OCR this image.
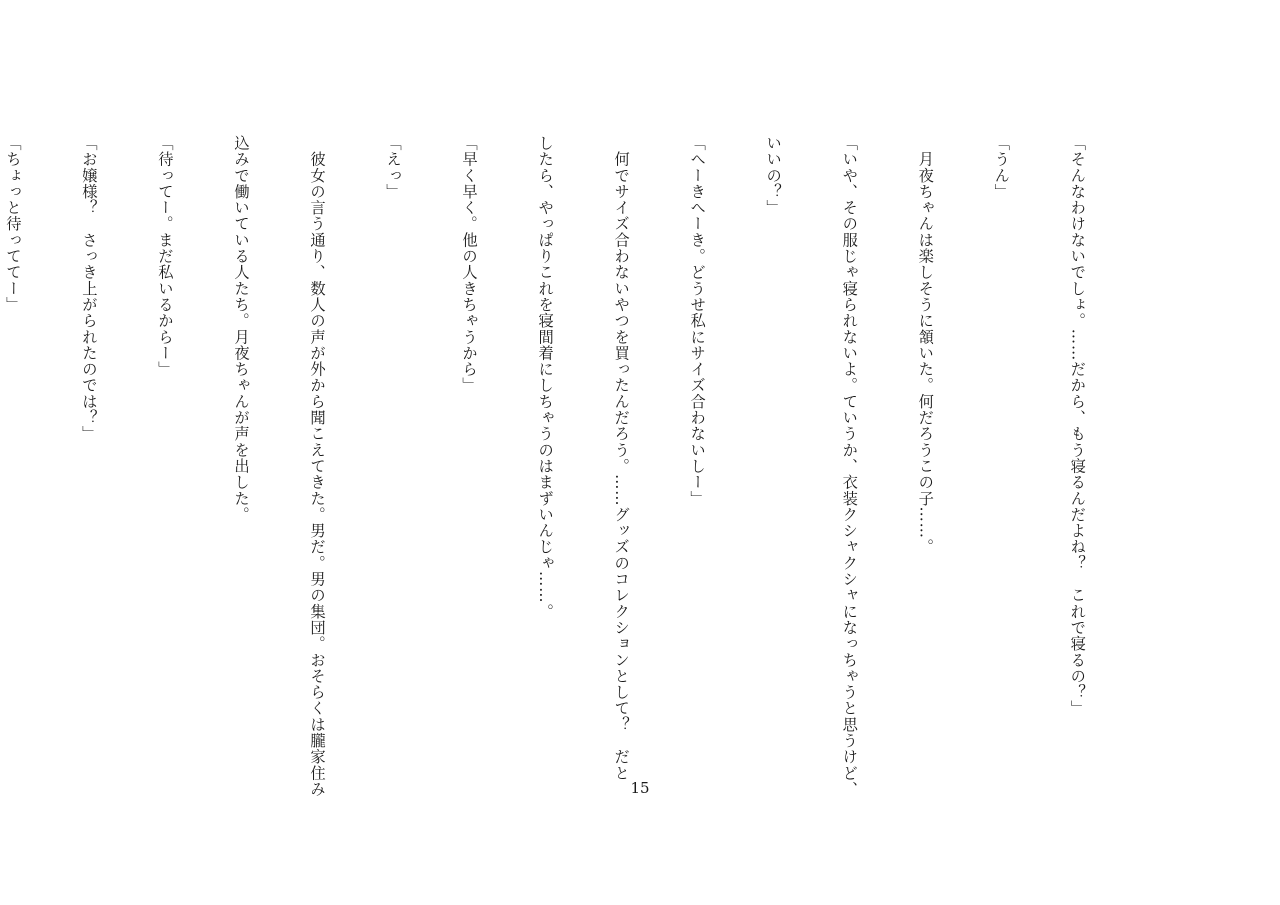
「そんなわけないでしょ。……だから、もう寝るんだよね？　これで寝るの？」

「うん」

　月夜ちゃんは楽しそうに頷いた。何だろうこの子……。

「いや、その服じゃ寝られないよ。ていうか、衣装クシャクシャになっちゃうと思うけど、

いいの？」

「へーきへーき。どうせ私にサイズ合わないしー」

　何でサイズ合わないやつを買ったんだろう。……グッズのコレクションとして？　だと

したら、やっぱりこれを寝間着にしちゃうのはまずいんじゃ……。

「早く早く。他の人きちゃうから」

「えっ」

　彼女の言う通り、数人の声が外から聞こえてきた。男だ。男の集団。おそらくは朧家住み

込みで働いている人たち。月夜ちゃんが声を出した。

「待ってー。まだ私いるからー」

「お嬢様？　さっき上がられたのでは？」

「ちょっと待っててー」

15
